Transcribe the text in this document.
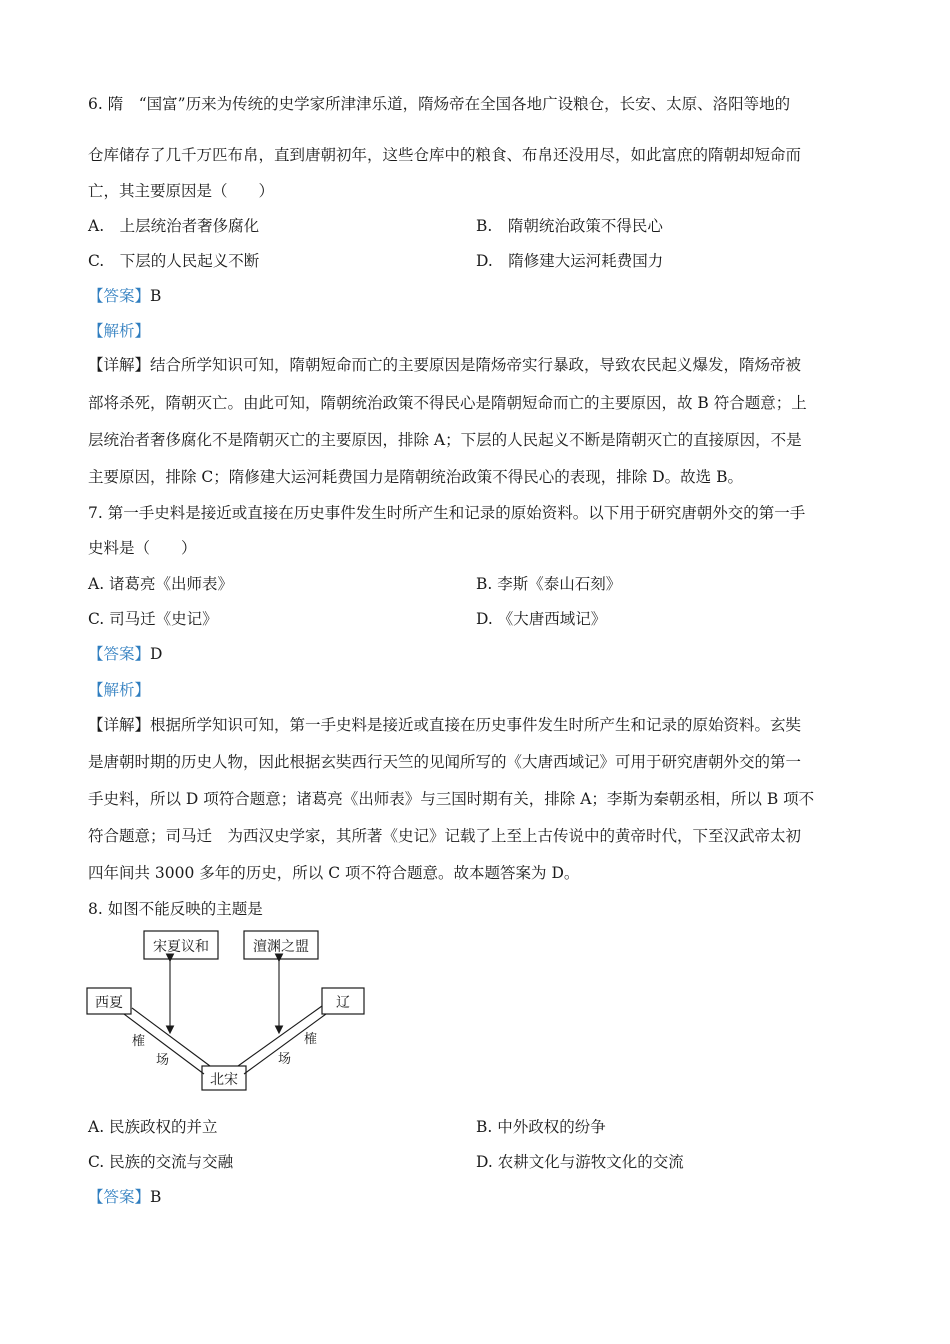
6. 隋　“国富”历来为传统的史学家所津津乐道，隋炀帝在全国各地广设粮仓，长安、太原、洛阳等地的
仓库储存了几千万匹布帛，直到唐朝初年，这些仓库中的粮食、布帛还没用尽，如此富庶的隋朝却短命而
亡，其主要原因是（　　）
A.　上层统治者奢侈腐化	B.　隋朝统治政策不得民心
C.　下层的人民起义不断	D.　隋修建大运河耗费国力
【答案】B
【解析】
【详解】结合所学知识可知，隋朝短命而亡的主要原因是隋炀帝实行暴政，导致农民起义爆发，隋炀帝被
部将杀死，隋朝灭亡。由此可知，隋朝统治政策不得民心是隋朝短命而亡的主要原因，故 B 符合题意；上
层统治者奢侈腐化不是隋朝灭亡的主要原因，排除 A；下层的人民起义不断是隋朝灭亡的直接原因，不是
主要原因，排除 C；隋修建大运河耗费国力是隋朝统治政策不得民心的表现，排除 D。故选 B。
7. 第一手史料是接近或直接在历史事件发生时所产生和记录的原始资料。以下用于研究唐朝外交的第一手
史料是（　　）
A. 诸葛亮《出师表》	B. 李斯《泰山石刻》
C. 司马迁《史记》	D. 《大唐西域记》
【答案】D
【解析】
【详解】根据所学知识可知，第一手史料是接近或直接在历史事件发生时所产生和记录的原始资料。玄奘
是唐朝时期的历史人物，因此根据玄奘西行天竺的见闻所写的《大唐西域记》可用于研究唐朝外交的第一
手史料，所以 D 项符合题意；诸葛亮《出师表》与三国时期有关，排除 A；李斯为秦朝丞相，所以 B 项不
符合题意；司马迁　为西汉史学家，其所著《史记》记载了上至上古传说中的黄帝时代，下至汉武帝太初
四年间共 3000 多年的历史，所以 C 项不符合题意。故本题答案为 D。
8. 如图不能反映的主题是
宋夏议和	澶渊之盟
西夏	辽
北宋
榷
场
榷
场
A. 民族政权的并立	B. 中外政权的纷争
C. 民族的交流与交融	D. 农耕文化与游牧文化的交流
【答案】B
